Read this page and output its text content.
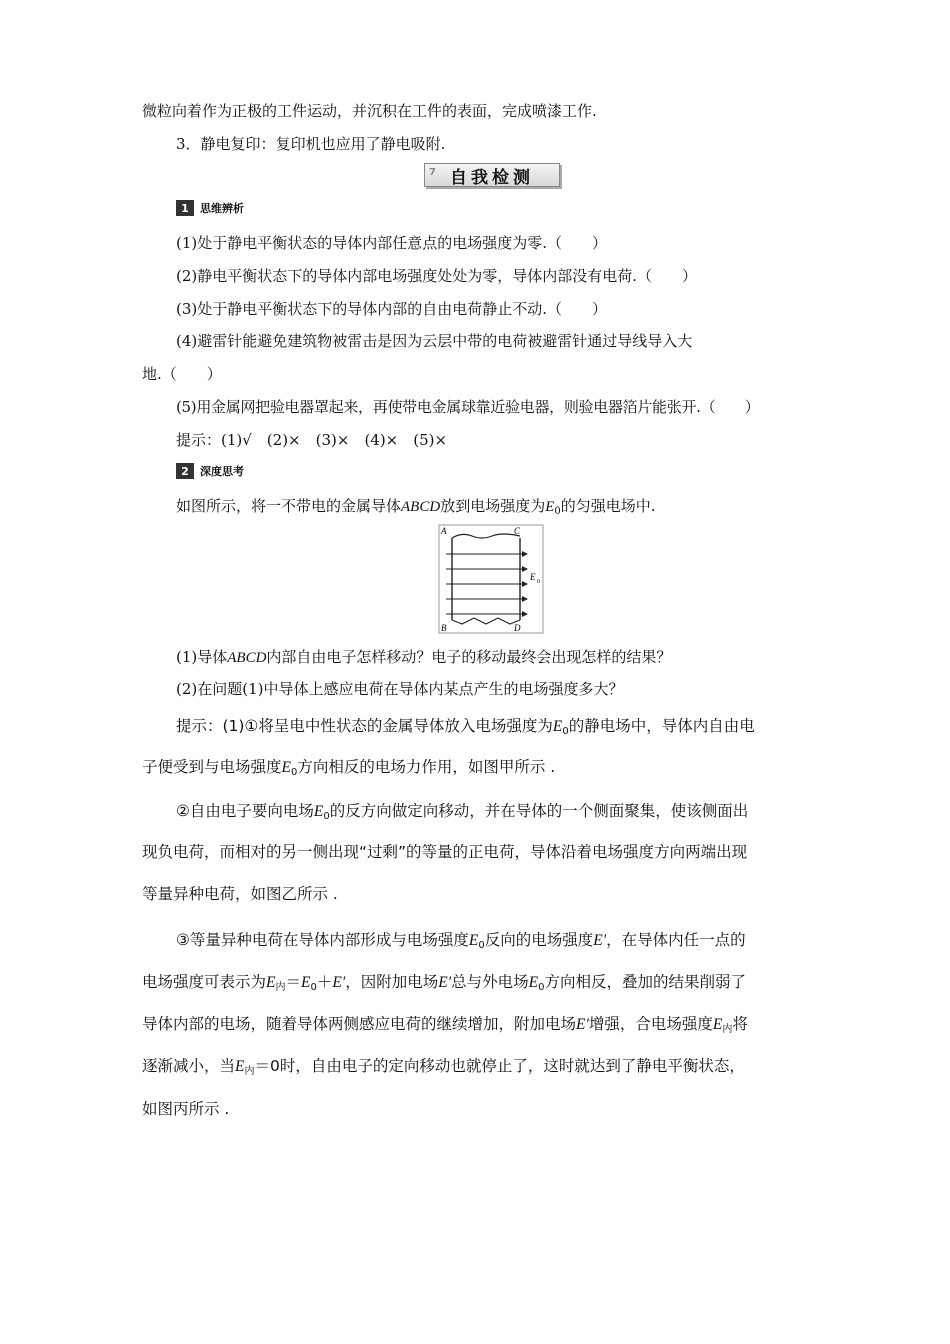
微粒向着作为正极的工件运动，并沉积在工件的表面，完成喷漆工作.
3．静电复印：复印机也应用了静电吸附.
7 自我检测
1	思维辨析
(1)处于静电平衡状态的导体内部任意点的电场强度为零.（　　）
(2)静电平衡状态下的导体内部电场强度处处为零，导体内部没有电荷.（　　）
(3)处于静电平衡状态下的导体内部的自由电荷静止不动.（　　）
(4)避雷针能避免建筑物被雷击是因为云层中带的电荷被避雷针通过导线导入大
地.（　　）
(5)用金属网把验电器罩起来，再使带电金属球靠近验电器，则验电器箔片能张开.（　　）
提示：(1)√　(2)×　(3)×　(4)×　(5)×
2	深度思考
如图所示，将一不带电的金属导体ABCD放到电场强度为$E_0$的匀强电场中.
A
B
C
D
E 0
(1)导体ABCD内部自由电子怎样移动？电子的移动最终会出现怎样的结果？
(2)在问题(1)中导体上感应电荷在导体内某点产生的电场强度多大？
提示：(1)①将呈电中性状态的金属导体放入电场强度为$E_0$的静电场中，导体内自由电
子便受到与电场强度$E_0$方向相反的电场力作用，如图甲所示 .
②自由电子要向电场$E_0$的反方向做定向移动，并在导体的一个侧面聚集，使该侧面出
现负电荷，而相对的另一侧出现“过剩”的等量的正电荷，导体沿着电场强度方向两端出现
等量异种电荷，如图乙所示 .
③等量异种电荷在导体内部形成与电场强度$E_0$反向的电场强度E′，在导体内任一点的
电场强度可表示为$E_内=E_0+E'$，因附加电场E′总与外电场$E_0$方向相反，叠加的结果削弱了
导体内部的电场，随着导体两侧感应电荷的继续增加，附加电场E′增强，合电场强度$E_内$将
逐渐减小，当$E_内=0$时，自由电子的定向移动也就停止了，这时就达到了静电平衡状态，
如图丙所示 .
